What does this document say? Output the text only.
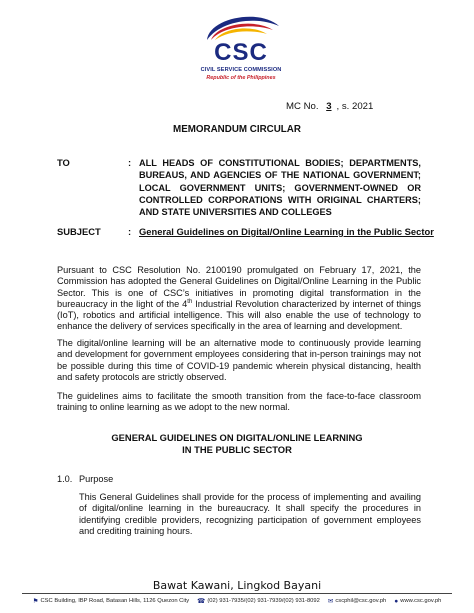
CSC
CIVIL SERVICE COMMISSION
Republic of the Philippines
MC No. 3 , s. 2021
MEMORANDUM CIRCULAR
TO	: ALL HEADS OF CONSTITUTIONAL BODIES; DEPARTMENTS, BUREAUS, AND AGENCIES OF THE NATIONAL GOVERNMENT; LOCAL GOVERNMENT UNITS; GOVERNMENT-OWNED OR CONTROLLED CORPORATIONS WITH ORIGINAL CHARTERS; AND STATE UNIVERSITIES AND COLLEGES
SUBJECT	: General Guidelines on Digital/Online Learning in the Public Sector
Pursuant to CSC Resolution No. 2100190 promulgated on February 17, 2021, the Commission has adopted the General Guidelines on Digital/Online Learning in the Public Sector. This is one of CSC’s initiatives in promoting digital transformation in the bureaucracy in the light of the 4th Industrial Revolution characterized by internet of things (IoT), robotics and artificial intelligence. This will also enable the use of technology to enhance the delivery of services specifically in the area of learning and development.
The digital/online learning will be an alternative mode to continuously provide learning and development for government employees considering that in-person trainings may not be possible during this time of COVID-19 pandemic wherein physical distancing, health and safety protocols are strictly observed.
The guidelines aims to facilitate the smooth transition from the face-to-face classroom training to online learning as we adopt to the new normal.
GENERAL GUIDELINES ON DIGITAL/ONLINE LEARNING
IN THE PUBLIC SECTOR
1.0. Purpose
This General Guidelines shall provide for the process of implementing and availing of digital/online learning in the bureaucracy. It shall specify the procedures in identifying credible providers, recognizing participation of government employees and crediting training hours.
Bawat Kawani, Lingkod Bayani
⚑ CSC Building, IBP Road, Batasan Hills, 1126 Quezon City ☎ (02) 931-7935/(02) 931-7939/(02) 931-8092 ✉ cscphil@csc.gov.ph ● www.csc.gov.ph
